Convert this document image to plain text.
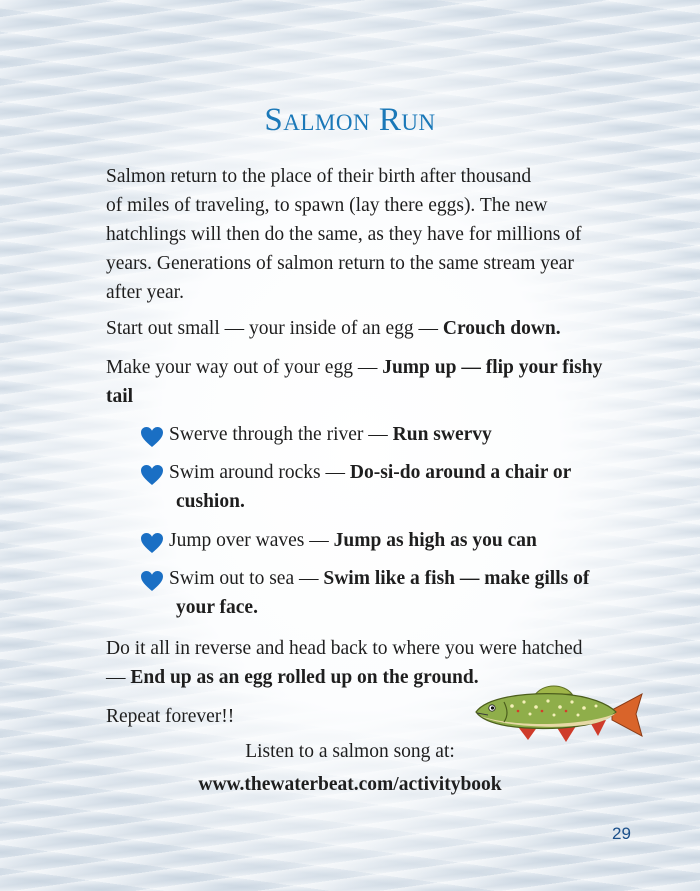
Salmon Run
Salmon return to the place of their birth after thousand
of miles of traveling, to spawn (lay there eggs). The new
hatchlings will then do the same, as they have for millions of
years. Generations of salmon return to the same stream year
after year.
Start out small — your inside of an egg — Crouch down.
Make your way out of your egg — Jump up — flip your fishy
tail
Swerve through the river — Run swervy
Swim around rocks — Do-si-do around a chair or
cushion.
Jump over waves — Jump as high as you can
Swim out to sea — Swim like a fish — make gills of
your face.
Do it all in reverse and head back to where you were hatched
— End up as an egg rolled up on the ground.
Repeat forever!!
Listen to a salmon song at:
www.thewaterbeat.com/activitybook
29
